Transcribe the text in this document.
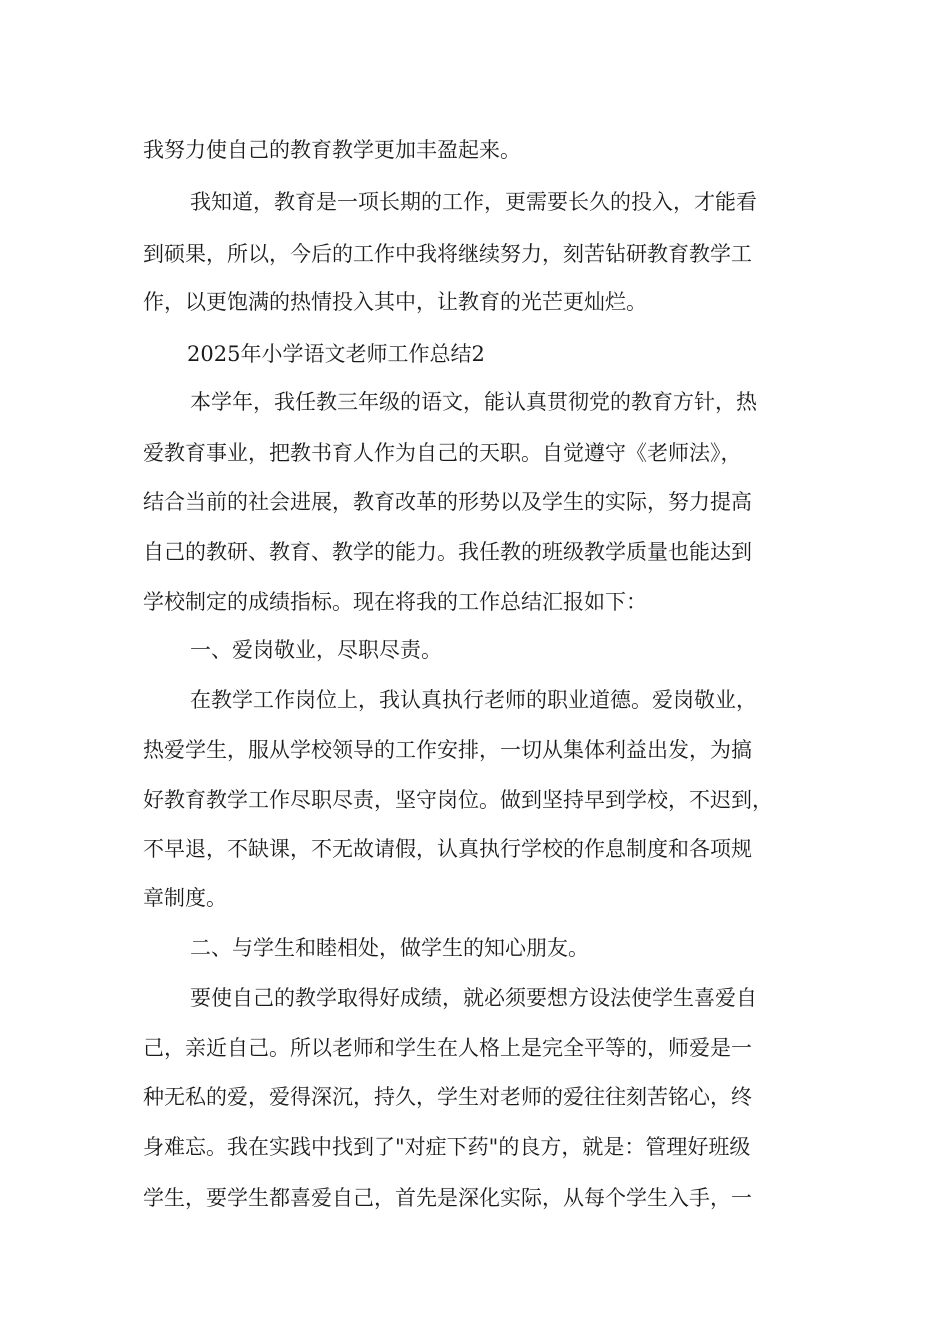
我努力使自己的教育教学更加丰盈起来。
我知道，教育是一项长期的工作，更需要长久的投入，才能看
到硕果，所以，今后的工作中我将继续努力，刻苦钻研教育教学工
作，以更饱满的热情投入其中，让教育的光芒更灿烂。
2025年小学语文老师工作总结2
本学年，我任教三年级的语文，能认真贯彻党的教育方针，热
爱教育事业，把教书育人作为自己的天职。自觉遵守《老师法》，
结合当前的社会进展，教育改革的形势以及学生的实际，努力提高
自己的教研、教育、教学的能力。我任教的班级教学质量也能达到
学校制定的成绩指标。现在将我的工作总结汇报如下：
一、爱岗敬业，尽职尽责。
在教学工作岗位上，我认真执行老师的职业道德。爱岗敬业，
热爱学生，服从学校领导的工作安排，一切从集体利益出发，为搞
好教育教学工作尽职尽责，坚守岗位。做到坚持早到学校，不迟到，
不早退，不缺课，不无故请假，认真执行学校的作息制度和各项规
章制度。
二、与学生和睦相处，做学生的知心朋友。
要使自己的教学取得好成绩，就必须要想方设法使学生喜爱自
己，亲近自己。所以老师和学生在人格上是完全平等的，师爱是一
种无私的爱，爱得深沉，持久，学生对老师的爱往往刻苦铭心，终
身难忘。我在实践中找到了"对症下药"的良方，就是：管理好班级
学生，要学生都喜爱自己，首先是深化实际，从每个学生入手，一
